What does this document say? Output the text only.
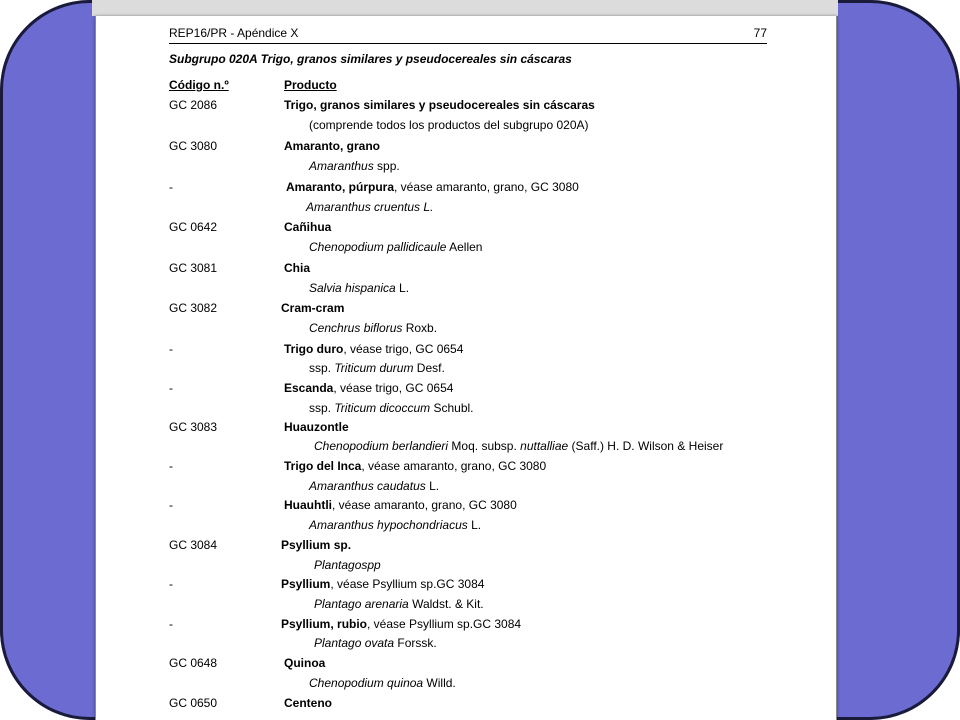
REP16/PR - Apéndice X	77
Subgrupo 020A Trigo, granos similares y pseudocereales sin cáscaras
Código n.º	Producto
GC 2086	Trigo, granos similares y pseudocereales sin cáscaras
(comprende todos los productos del subgrupo 020A)
GC 3080	Amaranto, grano
Amaranthus spp.
-	Amaranto, púrpura, véase amaranto, grano, GC 3080
Amaranthus cruentus L.
GC 0642	Cañihua
Chenopodium pallidicaule Aellen
GC 3081	Chia
Salvia hispanica L.
GC 3082	Cram-cram
Cenchrus biflorus Roxb.
-	Trigo duro, véase trigo, GC 0654
ssp. Triticum durum Desf.
-	Escanda, véase trigo, GC 0654
ssp. Triticum dicoccum Schubl.
GC 3083	Huauzontle
Chenopodium berlandieri Moq. subsp. nuttalliae (Saff.) H. D. Wilson & Heiser
-	Trigo del Inca, véase amaranto, grano, GC 3080
Amaranthus caudatus L.
-	Huauhtli, véase amaranto, grano, GC 3080
Amaranthus hypochondriacus L.
GC 3084	Psyllium sp.
Plantagospp
-	Psyllium, véase Psyllium sp.GC 3084
Plantago arenaria Waldst. & Kit.
-	Psyllium, rubio, véase Psyllium sp.GC 3084
Plantago ovata Forssk.
GC 0648	Quinoa
Chenopodium quinoa Willd.
GC 0650	Centeno
